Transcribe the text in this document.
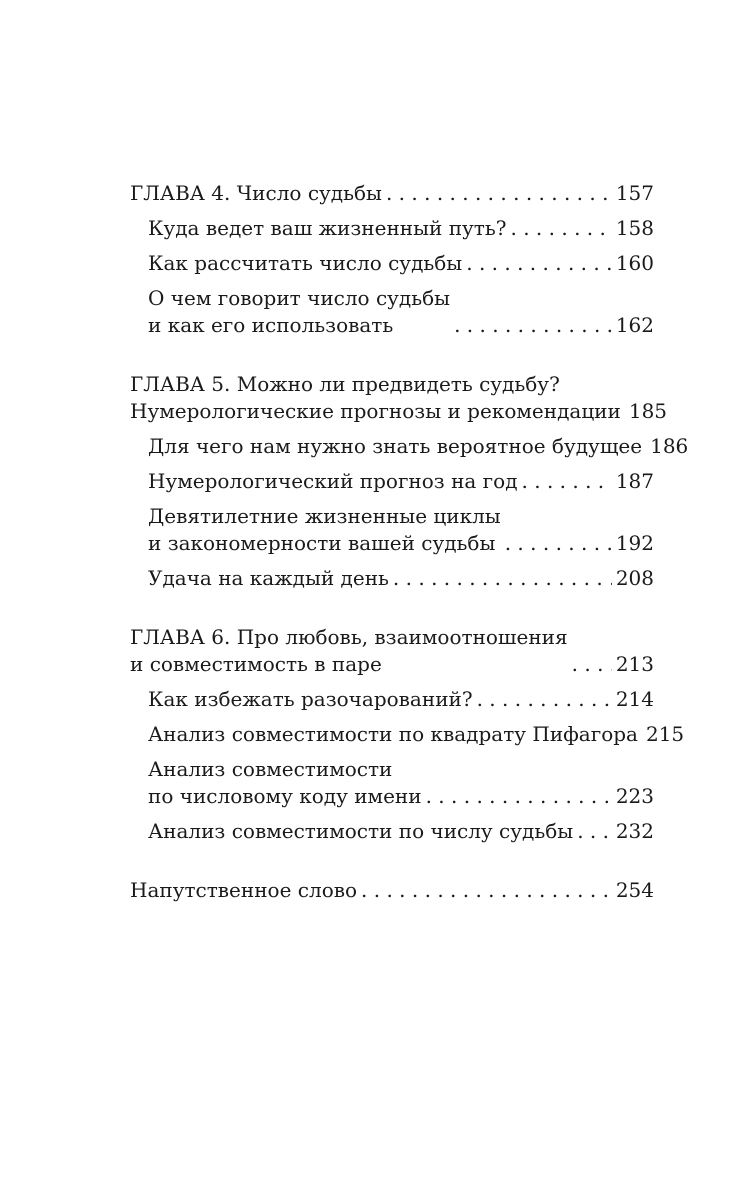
ГЛАВА 4. Число судьбы . . .	157
Куда ведет ваш жизненный путь? . . .	158
Как рассчитать число судьбы . . .	160
О чем говорит число судьбы
и как его использовать . . .	162
ГЛАВА 5. Можно ли предвидеть судьбу?
Нумерологические прогнозы и рекомендации . . . 185
Для чего нам нужно знать вероятное будущее . . . 186
Нумерологический прогноз на год . . .	187
Девятилетние жизненные циклы
и закономерности вашей судьбы . . .	192
Удача на каждый день . . .	208
ГЛАВА 6. Про любовь, взаимоотношения
и совместимость в паре . . .	213
Как избежать разочарований? . . .	214
Анализ совместимости по квадрату Пифагора . . . 215
Анализ совместимости
по числовому коду имени . . .	223
Анализ совместимости по числу судьбы . . . 232
Напутственное слово . . .	254
